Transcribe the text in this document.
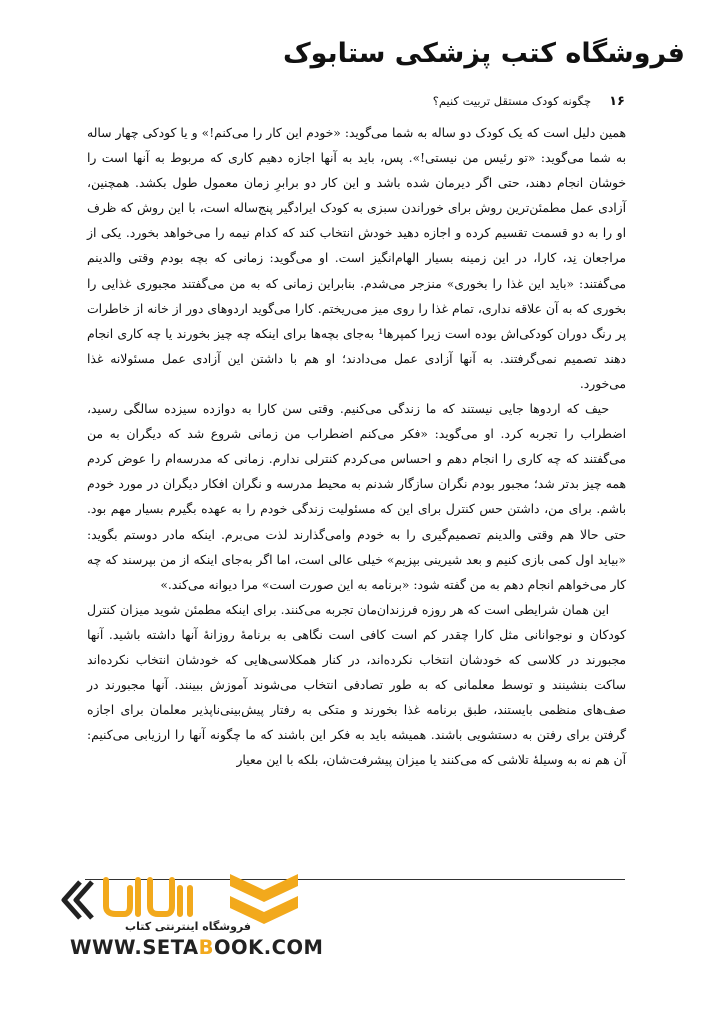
فروشگاه کتب پزشکی ستابوک
۱۶
چگونه کودک مستقل تربیت کنیم؟

همین دلیل است که یک کودک دو ساله به شما می‌گوید: «خودم این کار را می‌کنم!» و یا کودکی چهار ساله به شما می‌گوید: «تو رئیس من نیستی!». پس، باید به آنها اجازه دهیم کاری که مربوط به آنها است را خوشان انجام دهند، حتی اگر دیرمان شده باشد و این کار دو برابرِ زمان معمول طول بکشد. همچنین، آزادی عمل مطمئن‌ترین روش برای خوراندن سبزی به کودک ایرادگیر پنج‌ساله است، با این روش که ظرف او را به دو قسمت تقسیم کرده و اجازه دهید خودش انتخاب کند که کدام نیمه را می‌خواهد بخورد. یکی از مراجعان نِد، کارا، در این زمینه بسیار الهام‌انگیز است. او می‌گوید: زمانی که بچه بودم وقتی والدینم می‌گفتند: «باید این غذا را بخوری» منزجر می‌شدم. بنابراین زمانی که به من می‌گفتند مجبوری غذایی را بخوری که به آن علاقه نداری، تمام غذا را روی میز می‌ریختم. کارا می‌گوید اردوهای دور از خانه از خاطرات پر رنگ دوران کودکی‌اش بوده است زیرا کمپرها¹ به‌جای بچه‌ها برای اینکه چه چیز بخورند یا چه کاری انجام دهند تصمیم نمی‌گرفتند. به آنها آزادی عمل می‌دادند؛ او هم با داشتن این آزادی عمل مسئولانه غذا می‌خورد.

حیف که اردوها جایی نیستند که ما زندگی می‌کنیم. وقتی سن کارا به دوازده سیزده سالگی رسید، اضطراب را تجربه کرد. او می‌گوید: «فکر می‌کنم اضطراب من زمانی شروع شد که دیگران به من می‌گفتند که چه کاری را انجام دهم و احساس می‌کردم کنترلی ندارم. زمانی که مدرسه‌ام را عوض کردم همه چیز بدتر شد؛ مجبور بودم نگران سازگار شدنم به محیط مدرسه و نگران افکار دیگران در مورد خودم باشم. برای من، داشتن حس کنترل برای این که مسئولیت زندگی خودم را به عهده بگیرم بسیار مهم بود. حتی حالا هم وقتی والدینم تصمیم‌گیری را به خودم وامی‌گذارند لذت می‌برم. اینکه مادر دوستم بگوید: «بیاید اول کمی بازی کنیم و بعد شیرینی بپزیم» خیلی عالی است، اما اگر به‌جای اینکه از من بپرسند که چه کار می‌خواهم انجام دهم به من گفته شود: «برنامه به این صورت است» مرا دیوانه می‌کند.»

این همان شرایطی است که هر روزه فرزندان‌مان تجربه می‌کنند. برای اینکه مطمئن شوید میزان کنترل کودکان و نوجوانانی مثل کارا چقدر کم است کافی است نگاهی به برنامهٔ روزانهٔ آنها داشته باشید. آنها مجبورند در کلاسی که خودشان انتخاب نکرده‌اند، در کنار همکلاسی‌هایی که خودشان انتخاب نکرده‌اند ساکت بنشینند و توسط معلمانی که به طور تصادفی انتخاب می‌شوند آموزش ببینند. آنها مجبورند در صف‌های منظمی بایستند، طبق برنامه غذا بخورند و متکی به رفتار پیش‌بینی‌ناپذیر معلمان برای اجازه گرفتن برای رفتن به دستشویی باشند. همیشه باید به فکر این باشند که ما چگونه آنها را ارزیابی می‌کنیم: آن هم نه به وسیلهٔ تلاشی که می‌کنند یا میزان پیشرفت‌شان، بلکه با این معیار

فروشگاه اینترنتی کتاب
WWW.SETABOOK.COM
